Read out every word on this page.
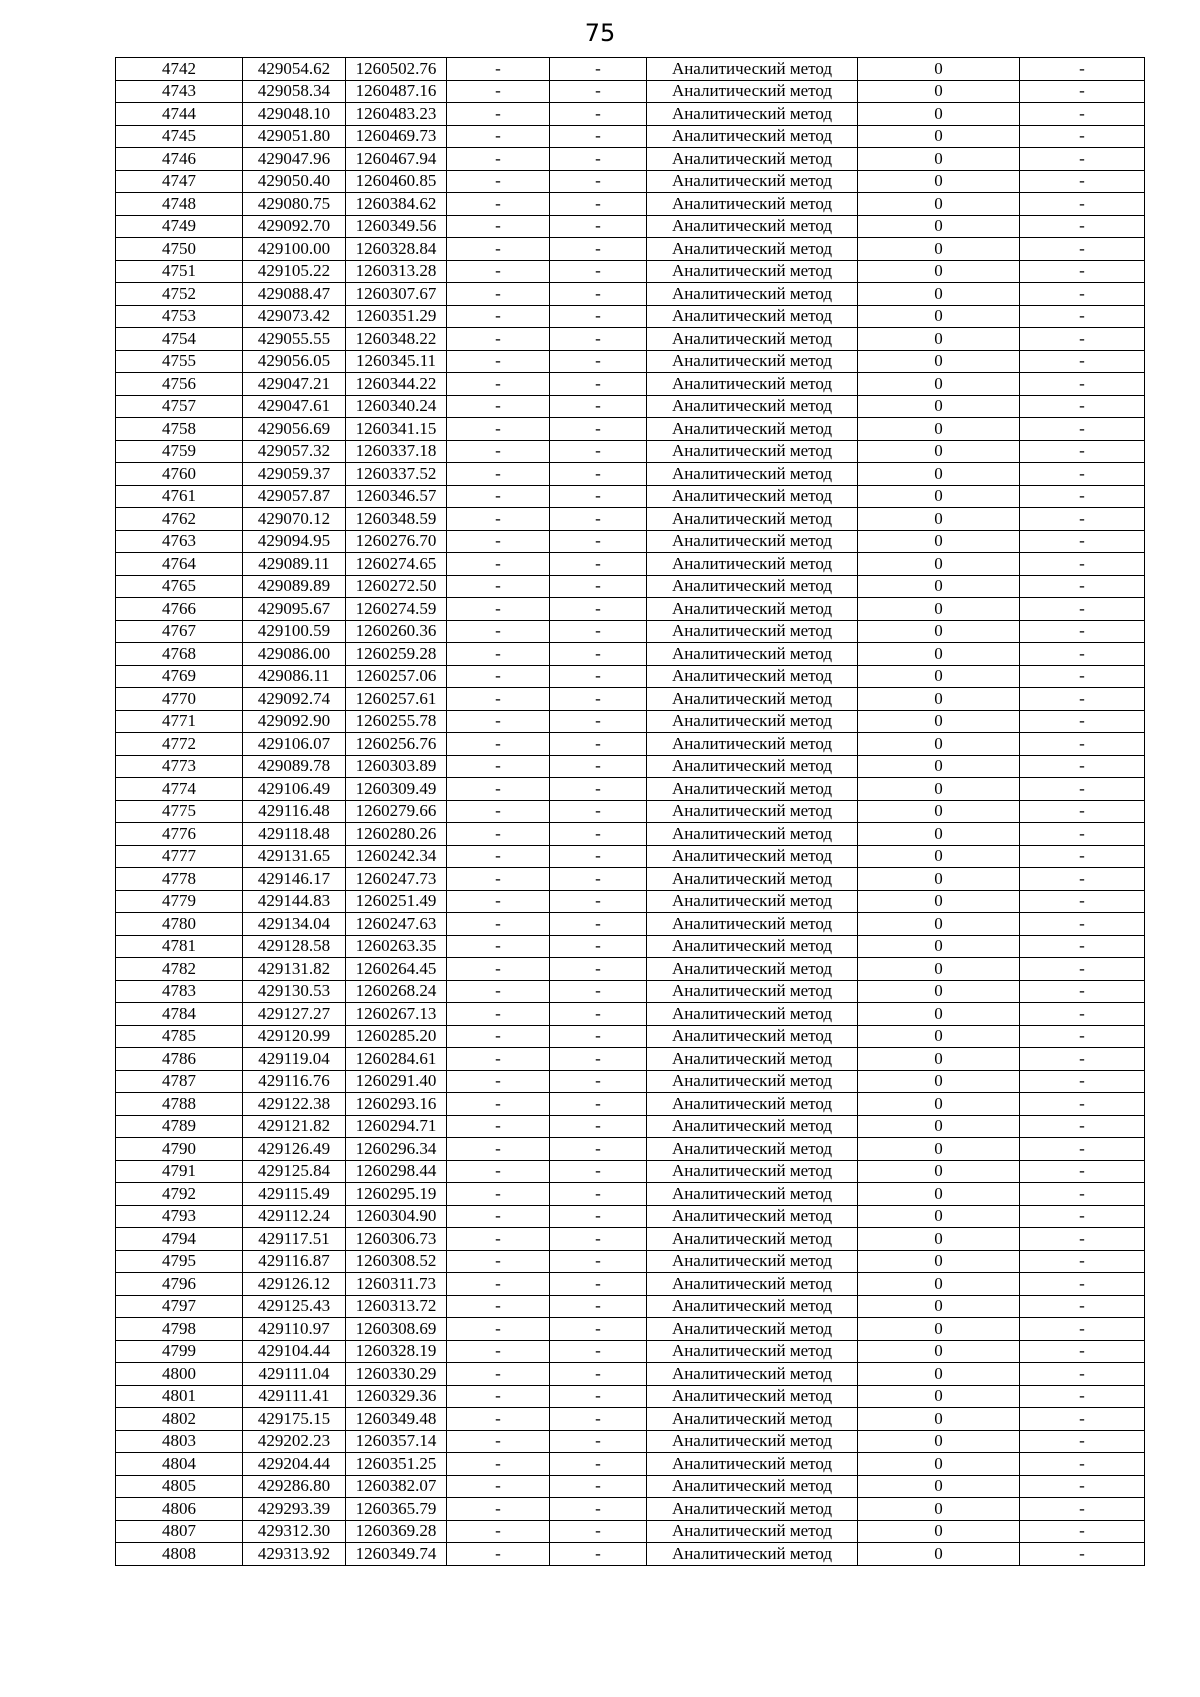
75
4742	429054.62	1260502.76	-	-	Аналитический метод	0	-
4743	429058.34	1260487.16	-	-	Аналитический метод	0	-
4744	429048.10	1260483.23	-	-	Аналитический метод	0	-
4745	429051.80	1260469.73	-	-	Аналитический метод	0	-
4746	429047.96	1260467.94	-	-	Аналитический метод	0	-
4747	429050.40	1260460.85	-	-	Аналитический метод	0	-
4748	429080.75	1260384.62	-	-	Аналитический метод	0	-
4749	429092.70	1260349.56	-	-	Аналитический метод	0	-
4750	429100.00	1260328.84	-	-	Аналитический метод	0	-
4751	429105.22	1260313.28	-	-	Аналитический метод	0	-
4752	429088.47	1260307.67	-	-	Аналитический метод	0	-
4753	429073.42	1260351.29	-	-	Аналитический метод	0	-
4754	429055.55	1260348.22	-	-	Аналитический метод	0	-
4755	429056.05	1260345.11	-	-	Аналитический метод	0	-
4756	429047.21	1260344.22	-	-	Аналитический метод	0	-
4757	429047.61	1260340.24	-	-	Аналитический метод	0	-
4758	429056.69	1260341.15	-	-	Аналитический метод	0	-
4759	429057.32	1260337.18	-	-	Аналитический метод	0	-
4760	429059.37	1260337.52	-	-	Аналитический метод	0	-
4761	429057.87	1260346.57	-	-	Аналитический метод	0	-
4762	429070.12	1260348.59	-	-	Аналитический метод	0	-
4763	429094.95	1260276.70	-	-	Аналитический метод	0	-
4764	429089.11	1260274.65	-	-	Аналитический метод	0	-
4765	429089.89	1260272.50	-	-	Аналитический метод	0	-
4766	429095.67	1260274.59	-	-	Аналитический метод	0	-
4767	429100.59	1260260.36	-	-	Аналитический метод	0	-
4768	429086.00	1260259.28	-	-	Аналитический метод	0	-
4769	429086.11	1260257.06	-	-	Аналитический метод	0	-
4770	429092.74	1260257.61	-	-	Аналитический метод	0	-
4771	429092.90	1260255.78	-	-	Аналитический метод	0	-
4772	429106.07	1260256.76	-	-	Аналитический метод	0	-
4773	429089.78	1260303.89	-	-	Аналитический метод	0	-
4774	429106.49	1260309.49	-	-	Аналитический метод	0	-
4775	429116.48	1260279.66	-	-	Аналитический метод	0	-
4776	429118.48	1260280.26	-	-	Аналитический метод	0	-
4777	429131.65	1260242.34	-	-	Аналитический метод	0	-
4778	429146.17	1260247.73	-	-	Аналитический метод	0	-
4779	429144.83	1260251.49	-	-	Аналитический метод	0	-
4780	429134.04	1260247.63	-	-	Аналитический метод	0	-
4781	429128.58	1260263.35	-	-	Аналитический метод	0	-
4782	429131.82	1260264.45	-	-	Аналитический метод	0	-
4783	429130.53	1260268.24	-	-	Аналитический метод	0	-
4784	429127.27	1260267.13	-	-	Аналитический метод	0	-
4785	429120.99	1260285.20	-	-	Аналитический метод	0	-
4786	429119.04	1260284.61	-	-	Аналитический метод	0	-
4787	429116.76	1260291.40	-	-	Аналитический метод	0	-
4788	429122.38	1260293.16	-	-	Аналитический метод	0	-
4789	429121.82	1260294.71	-	-	Аналитический метод	0	-
4790	429126.49	1260296.34	-	-	Аналитический метод	0	-
4791	429125.84	1260298.44	-	-	Аналитический метод	0	-
4792	429115.49	1260295.19	-	-	Аналитический метод	0	-
4793	429112.24	1260304.90	-	-	Аналитический метод	0	-
4794	429117.51	1260306.73	-	-	Аналитический метод	0	-
4795	429116.87	1260308.52	-	-	Аналитический метод	0	-
4796	429126.12	1260311.73	-	-	Аналитический метод	0	-
4797	429125.43	1260313.72	-	-	Аналитический метод	0	-
4798	429110.97	1260308.69	-	-	Аналитический метод	0	-
4799	429104.44	1260328.19	-	-	Аналитический метод	0	-
4800	429111.04	1260330.29	-	-	Аналитический метод	0	-
4801	429111.41	1260329.36	-	-	Аналитический метод	0	-
4802	429175.15	1260349.48	-	-	Аналитический метод	0	-
4803	429202.23	1260357.14	-	-	Аналитический метод	0	-
4804	429204.44	1260351.25	-	-	Аналитический метод	0	-
4805	429286.80	1260382.07	-	-	Аналитический метод	0	-
4806	429293.39	1260365.79	-	-	Аналитический метод	0	-
4807	429312.30	1260369.28	-	-	Аналитический метод	0	-
4808	429313.92	1260349.74	-	-	Аналитический метод	0	-
